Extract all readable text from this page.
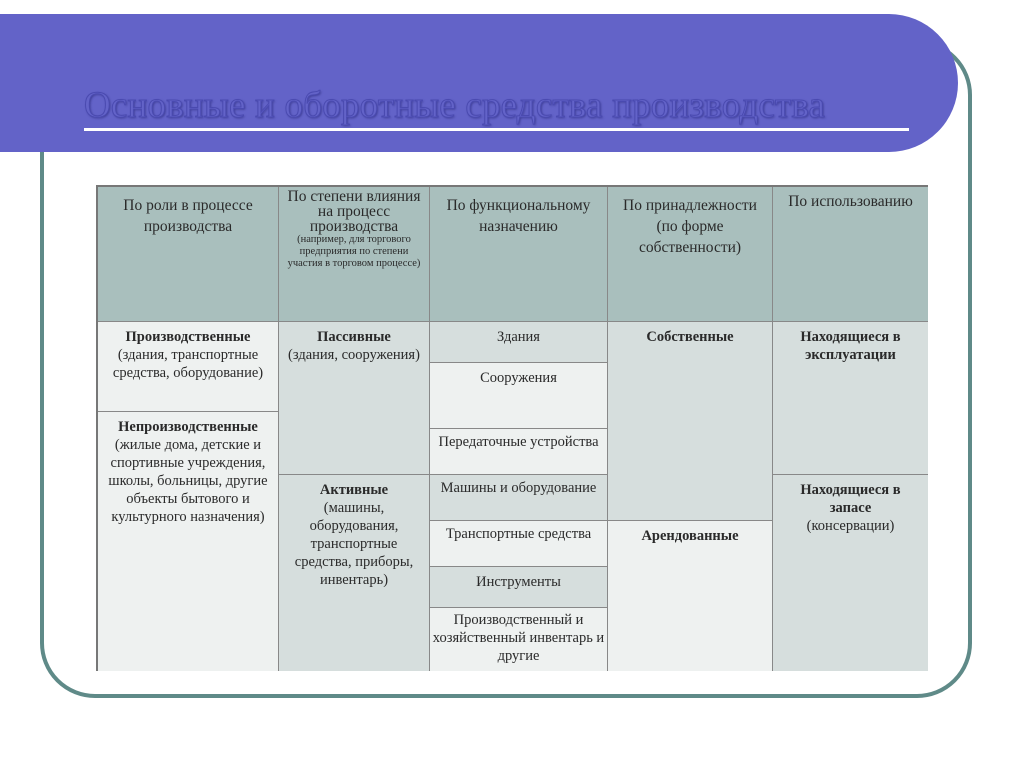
Основные и оборотные средства производства
По роли в процессе производства
По степени влияния на процесс производства
(например, для торгового предприятия по степени участия в торговом процессе)
По функциональному назначению
По принадлежности (по форме собственности)
По использованию
Производственные
(здания, транспортные средства, оборудование)
Непроизводственные
(жилые дома, детские и спортивные учреждения, школы, больницы, другие объекты бытового и культурного назначения)
Пассивные
(здания, сооружения)
Активные
(машины, оборудования, транспортные средства, приборы, инвентарь)
Здания
Сооружения
Передаточные устройства
Машины и оборудование
Транспортные средства
Инструменты
Производственный и хозяйственный инвентарь и другие
Собственные
Арендованные
Находящиеся в эксплуатации
Находящиеся в запасе
(консервации)
